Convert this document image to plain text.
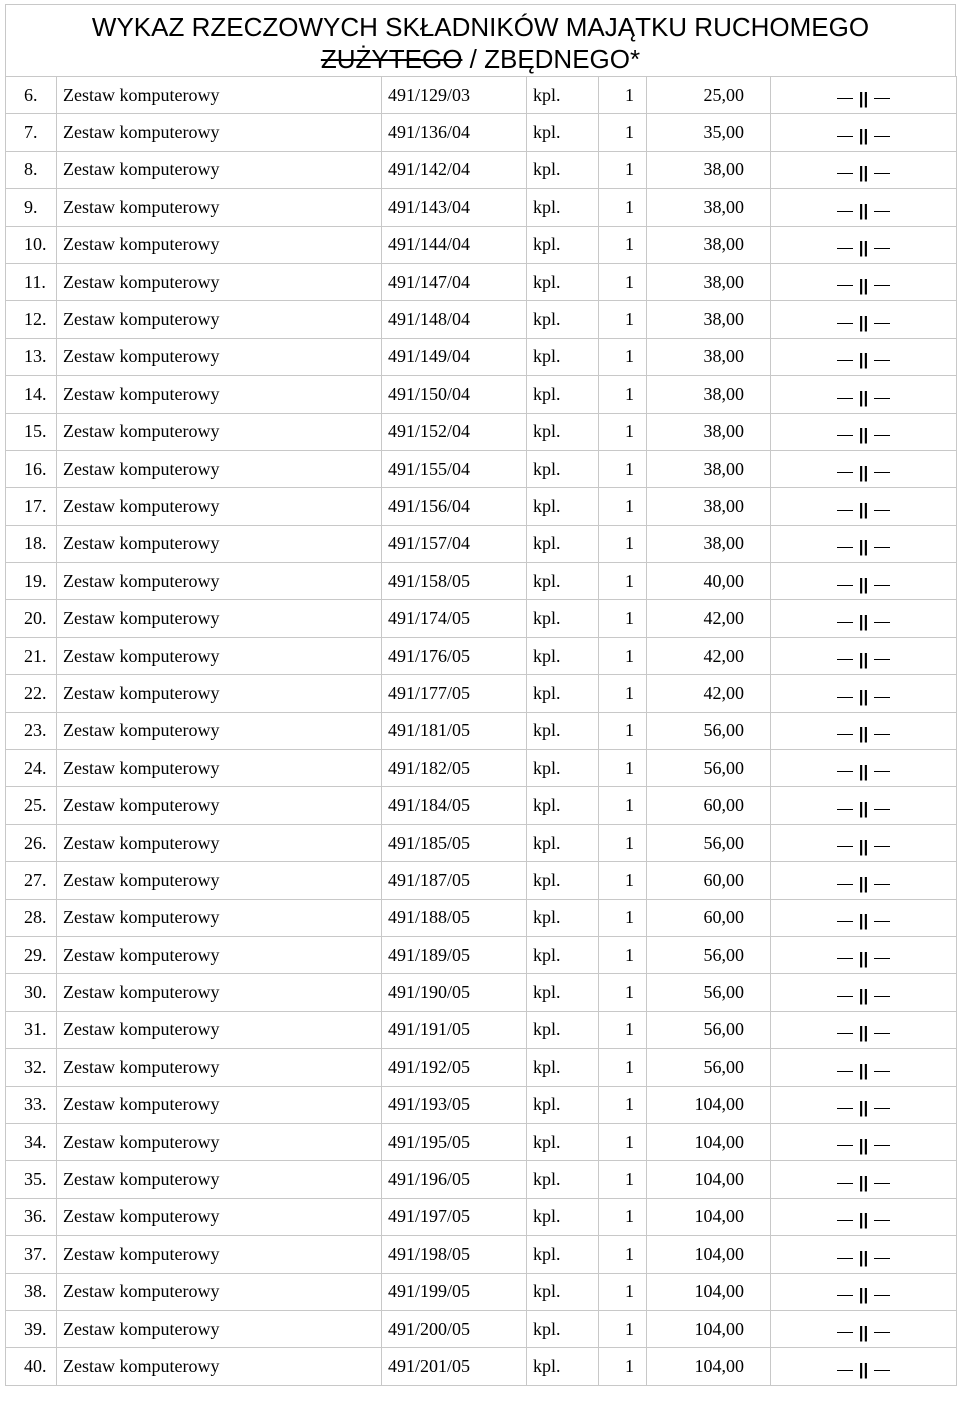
WYKAZ RZECZOWYCH SKŁADNIKÓW MAJĄTKU RUCHOMEGO
ZUŻYTEGO / ZBĘDNEGO*
6.	Zestaw komputerowy	491/129/03	kpl.	1	25,00	||
7.	Zestaw komputerowy	491/136/04	kpl.	1	35,00	||
8.	Zestaw komputerowy	491/142/04	kpl.	1	38,00	||
9.	Zestaw komputerowy	491/143/04	kpl.	1	38,00	||
10.	Zestaw komputerowy	491/144/04	kpl.	1	38,00	||
11.	Zestaw komputerowy	491/147/04	kpl.	1	38,00	||
12.	Zestaw komputerowy	491/148/04	kpl.	1	38,00	||
13.	Zestaw komputerowy	491/149/04	kpl.	1	38,00	||
14.	Zestaw komputerowy	491/150/04	kpl.	1	38,00	||
15.	Zestaw komputerowy	491/152/04	kpl.	1	38,00	||
16.	Zestaw komputerowy	491/155/04	kpl.	1	38,00	||
17.	Zestaw komputerowy	491/156/04	kpl.	1	38,00	||
18.	Zestaw komputerowy	491/157/04	kpl.	1	38,00	||
19.	Zestaw komputerowy	491/158/05	kpl.	1	40,00	||
20.	Zestaw komputerowy	491/174/05	kpl.	1	42,00	||
21.	Zestaw komputerowy	491/176/05	kpl.	1	42,00	||
22.	Zestaw komputerowy	491/177/05	kpl.	1	42,00	||
23.	Zestaw komputerowy	491/181/05	kpl.	1	56,00	||
24.	Zestaw komputerowy	491/182/05	kpl.	1	56,00	||
25.	Zestaw komputerowy	491/184/05	kpl.	1	60,00	||
26.	Zestaw komputerowy	491/185/05	kpl.	1	56,00	||
27.	Zestaw komputerowy	491/187/05	kpl.	1	60,00	||
28.	Zestaw komputerowy	491/188/05	kpl.	1	60,00	||
29.	Zestaw komputerowy	491/189/05	kpl.	1	56,00	||
30.	Zestaw komputerowy	491/190/05	kpl.	1	56,00	||
31.	Zestaw komputerowy	491/191/05	kpl.	1	56,00	||
32.	Zestaw komputerowy	491/192/05	kpl.	1	56,00	||
33.	Zestaw komputerowy	491/193/05	kpl.	1	104,00	||
34.	Zestaw komputerowy	491/195/05	kpl.	1	104,00	||
35.	Zestaw komputerowy	491/196/05	kpl.	1	104,00	||
36.	Zestaw komputerowy	491/197/05	kpl.	1	104,00	||
37.	Zestaw komputerowy	491/198/05	kpl.	1	104,00	||
38.	Zestaw komputerowy	491/199/05	kpl.	1	104,00	||
39.	Zestaw komputerowy	491/200/05	kpl.	1	104,00	||
40.	Zestaw komputerowy	491/201/05	kpl.	1	104,00	||
